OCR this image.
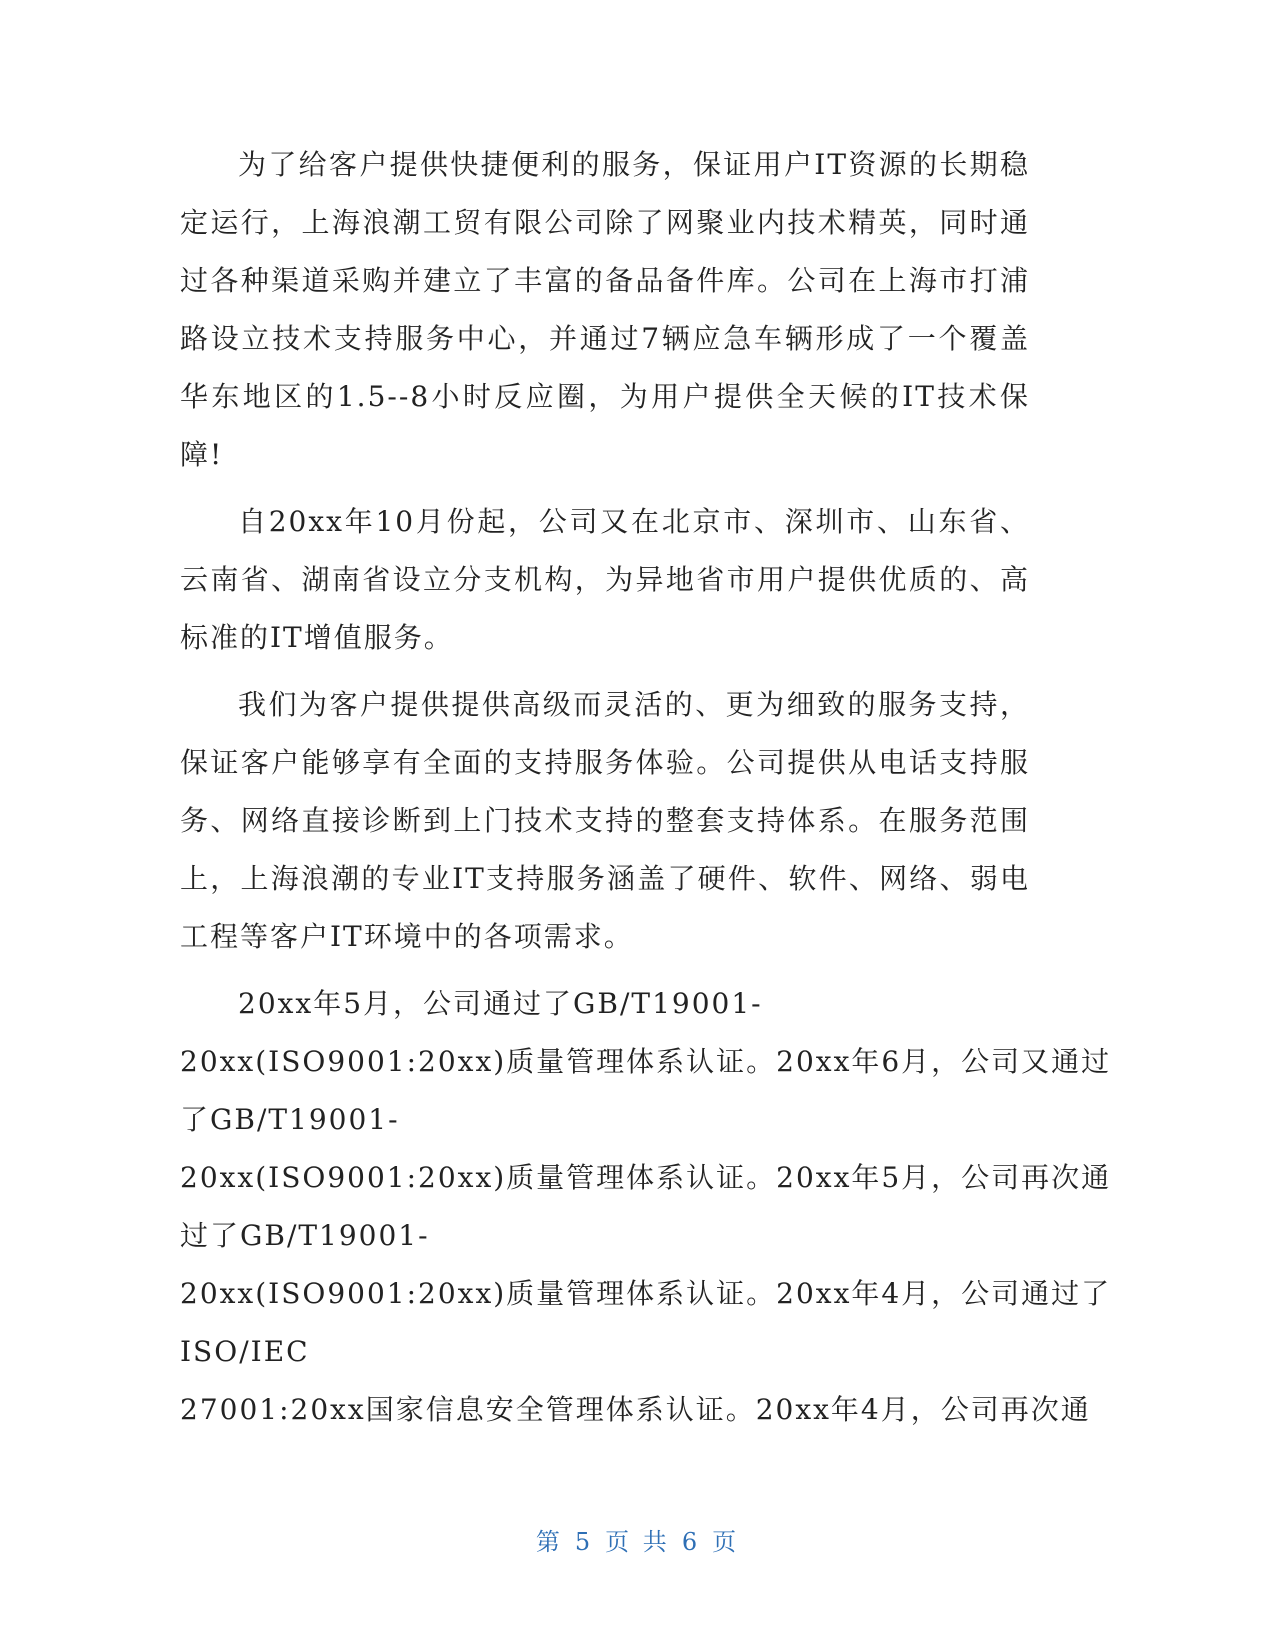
为了给客户提供快捷便利的服务，保证用户IT资源的长期稳定运行，上海浪潮工贸有限公司除了网聚业内技术精英，同时通过各种渠道采购并建立了丰富的备品备件库。公司在上海市打浦路设立技术支持服务中心，并通过7辆应急车辆形成了一个覆盖华东地区的1.5--8小时反应圈，为用户提供全天候的IT技术保障!

自20xx年10月份起，公司又在北京市、深圳市、山东省、云南省、湖南省设立分支机构，为异地省市用户提供优质的、高标准的IT增值服务。

我们为客户提供提供高级而灵活的、更为细致的服务支持，保证客户能够享有全面的支持服务体验。公司提供从电话支持服务、网络直接诊断到上门技术支持的整套支持体系。在服务范围上，上海浪潮的专业IT支持服务涵盖了硬件、软件、网络、弱电工程等客户IT环境中的各项需求。

20xx年5月，公司通过了GB/T19001-
20xx(ISO9001:20xx)质量管理体系认证。20xx年6月，公司又通过
了GB/T19001-
20xx(ISO9001:20xx)质量管理体系认证。20xx年5月，公司再次通
过了GB/T19001-
20xx(ISO9001:20xx)质量管理体系认证。20xx年4月，公司通过了
ISO/IEC
27001:20xx国家信息安全管理体系认证。20xx年4月，公司再次通
第 5 页 共 6 页
